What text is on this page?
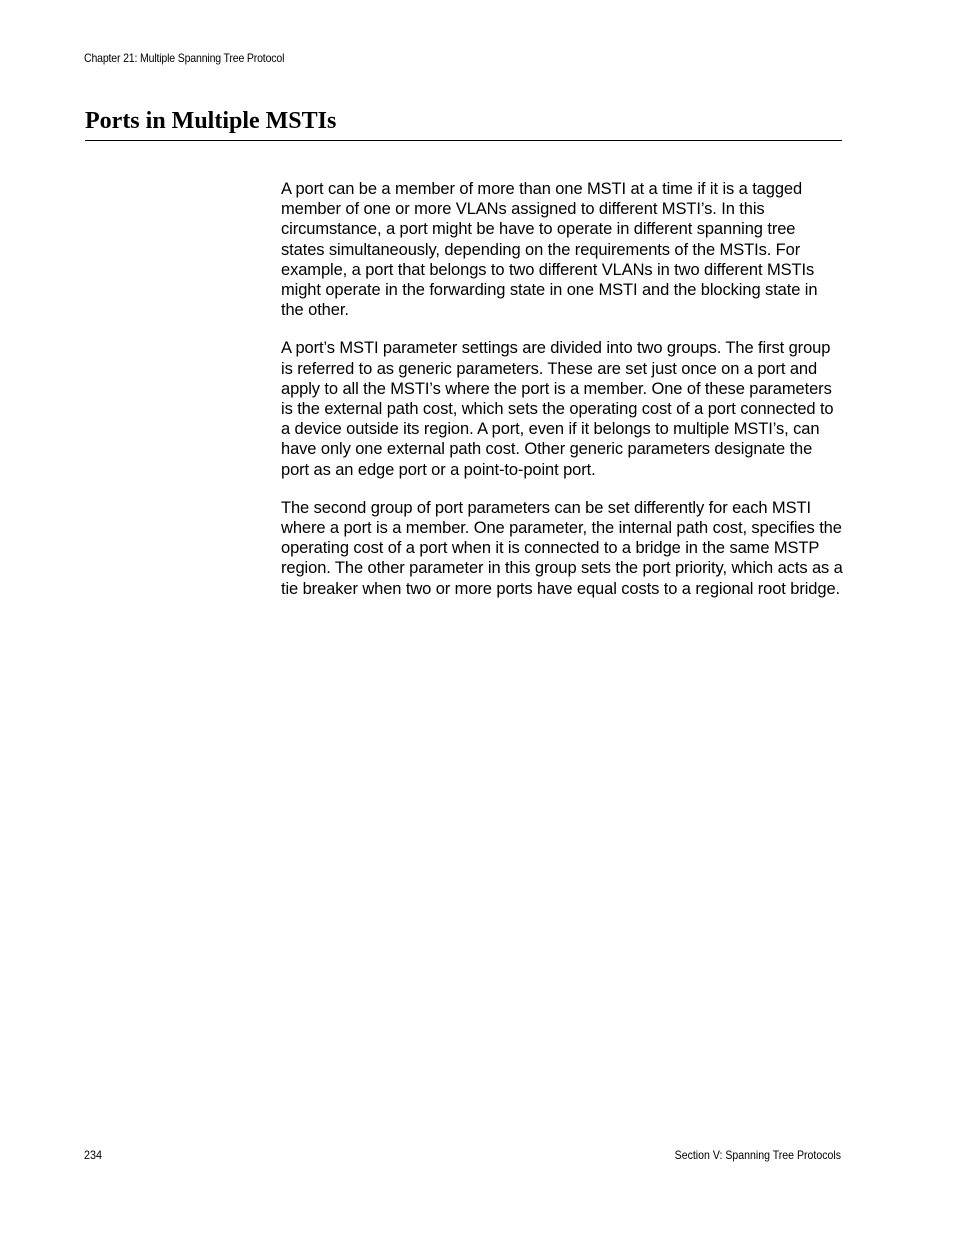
Chapter 21: Multiple Spanning Tree Protocol
Ports in Multiple MSTIs

A port can be a member of more than one MSTI at a time if it is a tagged member of one or more VLANs assigned to different MSTI’s. In this circumstance, a port might be have to operate in different spanning tree states simultaneously, depending on the requirements of the MSTIs. For example, a port that belongs to two different VLANs in two different MSTIs might operate in the forwarding state in one MSTI and the blocking state in the other.

A port’s MSTI parameter settings are divided into two groups. The first group is referred to as generic parameters. These are set just once on a port and apply to all the MSTI’s where the port is a member. One of these parameters is the external path cost, which sets the operating cost of a port connected to a device outside its region. A port, even if it belongs to multiple MSTI’s, can have only one external path cost. Other generic parameters designate the port as an edge port or a point-to-point port.

The second group of port parameters can be set differently for each MSTI where a port is a member. One parameter, the internal path cost, specifies the operating cost of a port when it is connected to a bridge in the same MSTP region. The other parameter in this group sets the port priority, which acts as a tie breaker when two or more ports have equal costs to a regional root bridge.

234	Section V: Spanning Tree Protocols
